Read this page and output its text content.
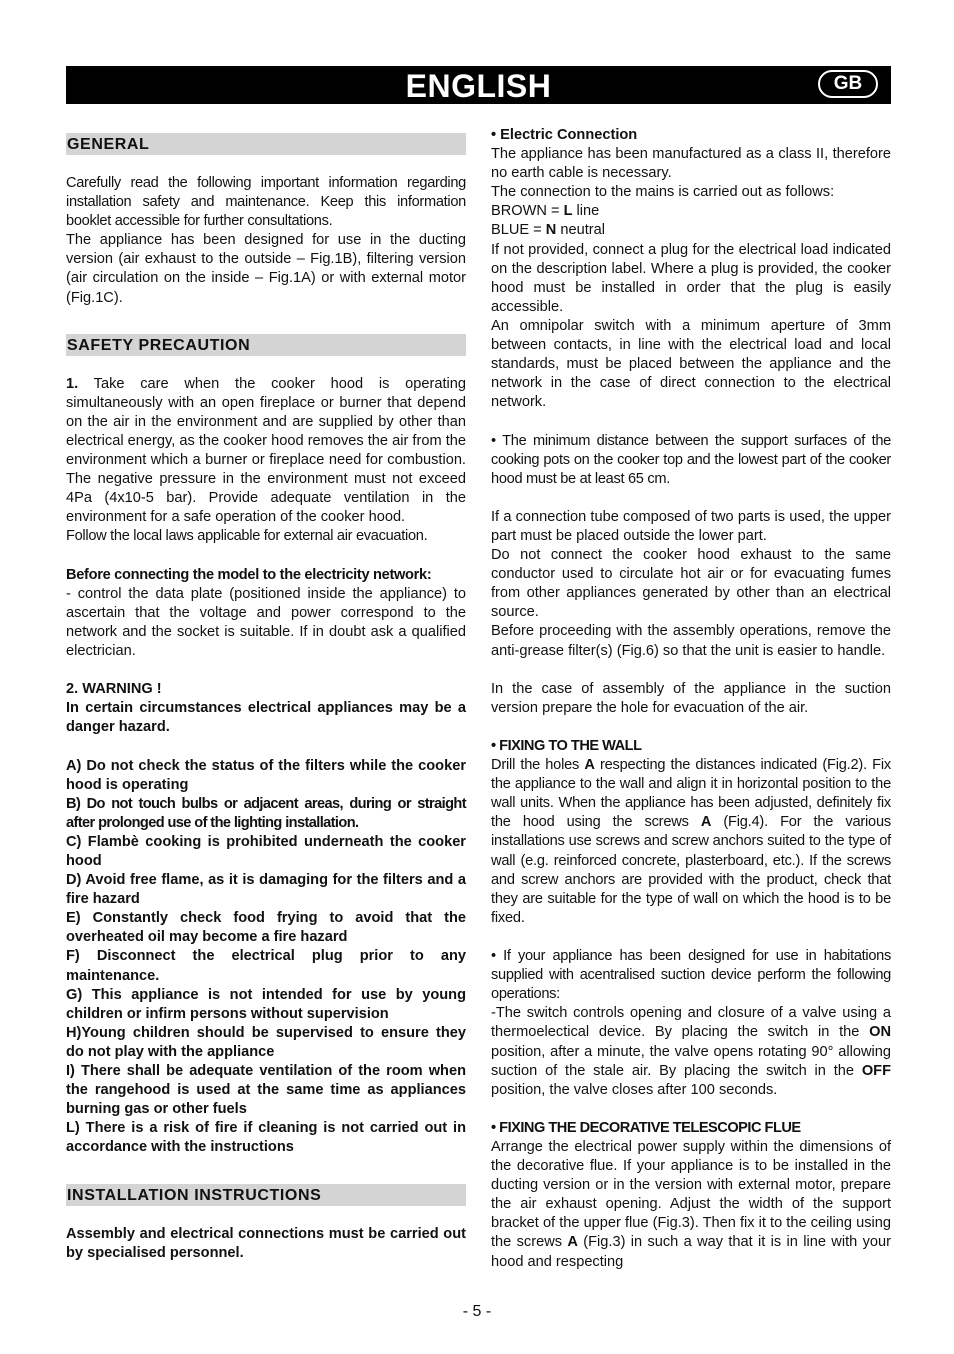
ENGLISH	GB
GENERAL

Carefully read the following important information regarding installation safety and maintenance. Keep this information booklet accessible for further consultations.

The appliance has been designed for use in the ducting version (air exhaust to the outside – Fig.1B), filtering version (air circulation on the inside – Fig.1A) or with external motor (Fig.1C).

SAFETY PRECAUTION

1. Take care when the cooker hood is operating simultaneously with an open fireplace or burner that depend on the air in the environment and are supplied by other than electrical energy, as the cooker hood removes the air from the environment which a burner or fireplace need for combustion. The negative pressure in the environment must not exceed 4Pa (4x10-5 bar). Provide adequate ventilation in the environment for a safe operation of the cooker hood.

Follow the local laws applicable for external air evacuation.

Before connecting the model to the electricity network:

- control the data plate (positioned inside the appliance) to ascertain that the voltage and power correspond to the network and the socket is suitable. If in doubt ask a qualified electrician.

2. WARNING !

In certain circumstances electrical appliances may be a danger hazard.

A) Do not check the status of the filters while the cooker hood is operating

B) Do not touch bulbs or adjacent areas, during or straight after prolonged use of the lighting installation.

C) Flambè cooking is prohibited underneath the cooker hood

D) Avoid free flame, as it is damaging for the filters and a fire hazard

E) Constantly check food frying to avoid that the overheated oil may become a fire hazard

F) Disconnect the electrical plug prior to any maintenance.

G) This appliance is not intended for use by young children or infirm persons without supervision

H)Young children should be supervised to ensure they do not play with the appliance

I) There shall be adequate ventilation of the room when the rangehood is used at the same time as appliances burning gas or other fuels

L) There is a risk of fire if cleaning is not carried out in accordance with the instructions

INSTALLATION INSTRUCTIONS

Assembly and electrical connections must be carried out by specialised personnel.

• Electric Connection

The appliance has been manufactured as a class II, therefore no earth cable is necessary.

The connection to the mains is carried out as follows:

BROWN = L line

BLUE = N neutral

If not provided, connect a plug for the electrical load indicated on the description label. Where a plug is provided, the cooker hood must be installed in order that the plug is easily accessible.

An omnipolar switch with a minimum aperture of 3mm between contacts, in line with the electrical load and local standards, must be placed between the appliance and the network in the case of direct connection to the electrical network.

• The minimum distance between the support surfaces of the cooking pots on the cooker top and the lowest part of the cooker hood must be at least 65 cm.

If a connection tube composed of two parts is used, the upper part must be placed outside the lower part.

Do not connect the cooker hood exhaust to the same conductor used to circulate hot air or for evacuating fumes from other appliances generated by other than an electrical source.

Before proceeding with the assembly operations, remove the anti-grease filter(s) (Fig.6) so that the unit is easier to handle.

In the case of assembly of the appliance in the suction version prepare the hole for evacuation of the air.

• FIXING TO THE WALL

Drill the holes A respecting the distances indicated (Fig.2). Fix the appliance to the wall and align it in horizontal position to the wall units. When the appliance has been adjusted, definitely fix the hood using the screws A (Fig.4). For the various installations use screws and screw anchors suited to the type of wall (e.g. reinforced concrete, plasterboard, etc.). If the screws and screw anchors are provided with the product, check that they are suitable for the type of wall on which the hood is to be fixed.

• If your appliance has been designed for use in habitations supplied with acentralised suction device perform the following operations:

-The switch controls opening and closure of a valve using a thermoelectical device. By placing the switch in the ON position, after a minute, the valve opens rotating 90° allowing suction of the stale air. By placing the switch in the OFF position, the valve closes after 100 seconds.

• FIXING THE DECORATIVE TELESCOPIC FLUE

Arrange the electrical power supply within the dimensions of the decorative flue. If your appliance is to be installed in the ducting version or in the version with external motor, prepare the air exhaust opening. Adjust the width of the support bracket of the upper flue (Fig.3). Then fix it to the ceiling using the screws A (Fig.3) in such a way that it is in line with your hood and respecting

- 5 -
